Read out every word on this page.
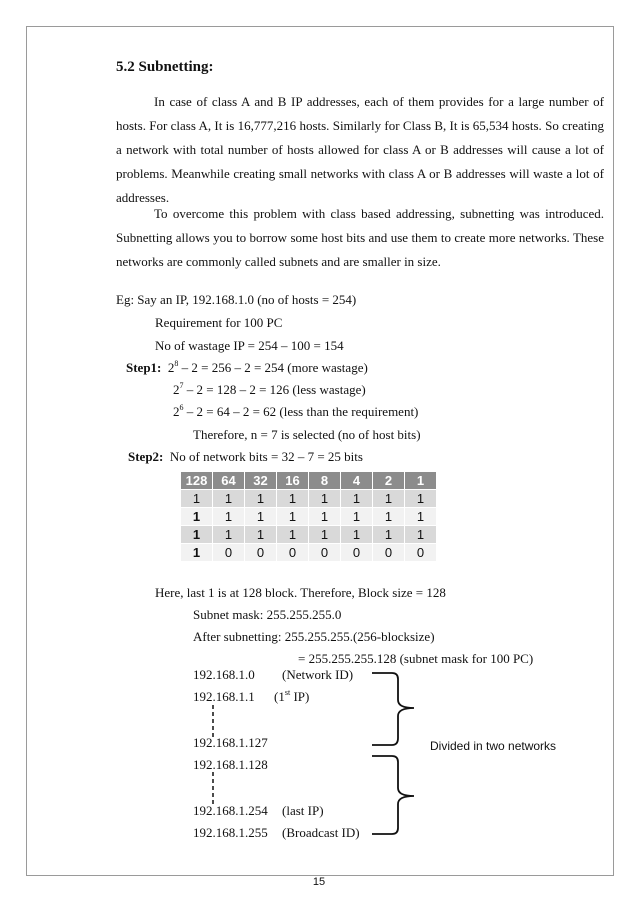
5.2 Subnetting:

In case of class A and B IP addresses, each of them provides for a large number of hosts. For class A, It is 16,777,216 hosts. Similarly for Class B, It is 65,534 hosts. So creating a network with total number of hosts allowed for class A or B addresses will cause a lot of problems. Meanwhile creating small networks with class A or B addresses will waste a lot of addresses.

To overcome this problem with class based addressing, subnetting was introduced. Subnetting allows you to borrow some host bits and use them to create more networks. These networks are commonly called subnets and are smaller in size.

Eg: Say an IP, 192.168.1.0 (no of hosts = 254)
Requirement for 100 PC
No of wastage IP = 254 – 100 = 154
Step1: $2^8 - 2 = 256 - 2 = 254$ (more wastage)
$2^7 - 2 = 128 - 2 = 126$ (less wastage)
$2^6 - 2 = 64 - 2 = 62$ (less than the requirement)
Therefore, n = 7 is selected (no of host bits)
Step2: No of network bits = 32 – 7 = 25 bits
128	64	32	16	8	4	2	1
1	1	1	1	1	1	1	1
1	1	1	1	1	1	1	1
1	1	1	1	1	1	1	1
1	0	0	0	0	0	0	0
Here, last 1 is at 128 block. Therefore, Block size = 128
Subnet mask: 255.255.255.0
After subnetting: 255.255.255.(256-blocksize)
= 255.255.255.128 (subnet mask for 100 PC)
192.168.1.0 (Network ID)
192.168.1.1 (1st IP)
192.168.1.127
192.168.1.128
192.168.1.254 (last IP)
192.168.1.255 (Broadcast ID)
Divided in two networks
15
